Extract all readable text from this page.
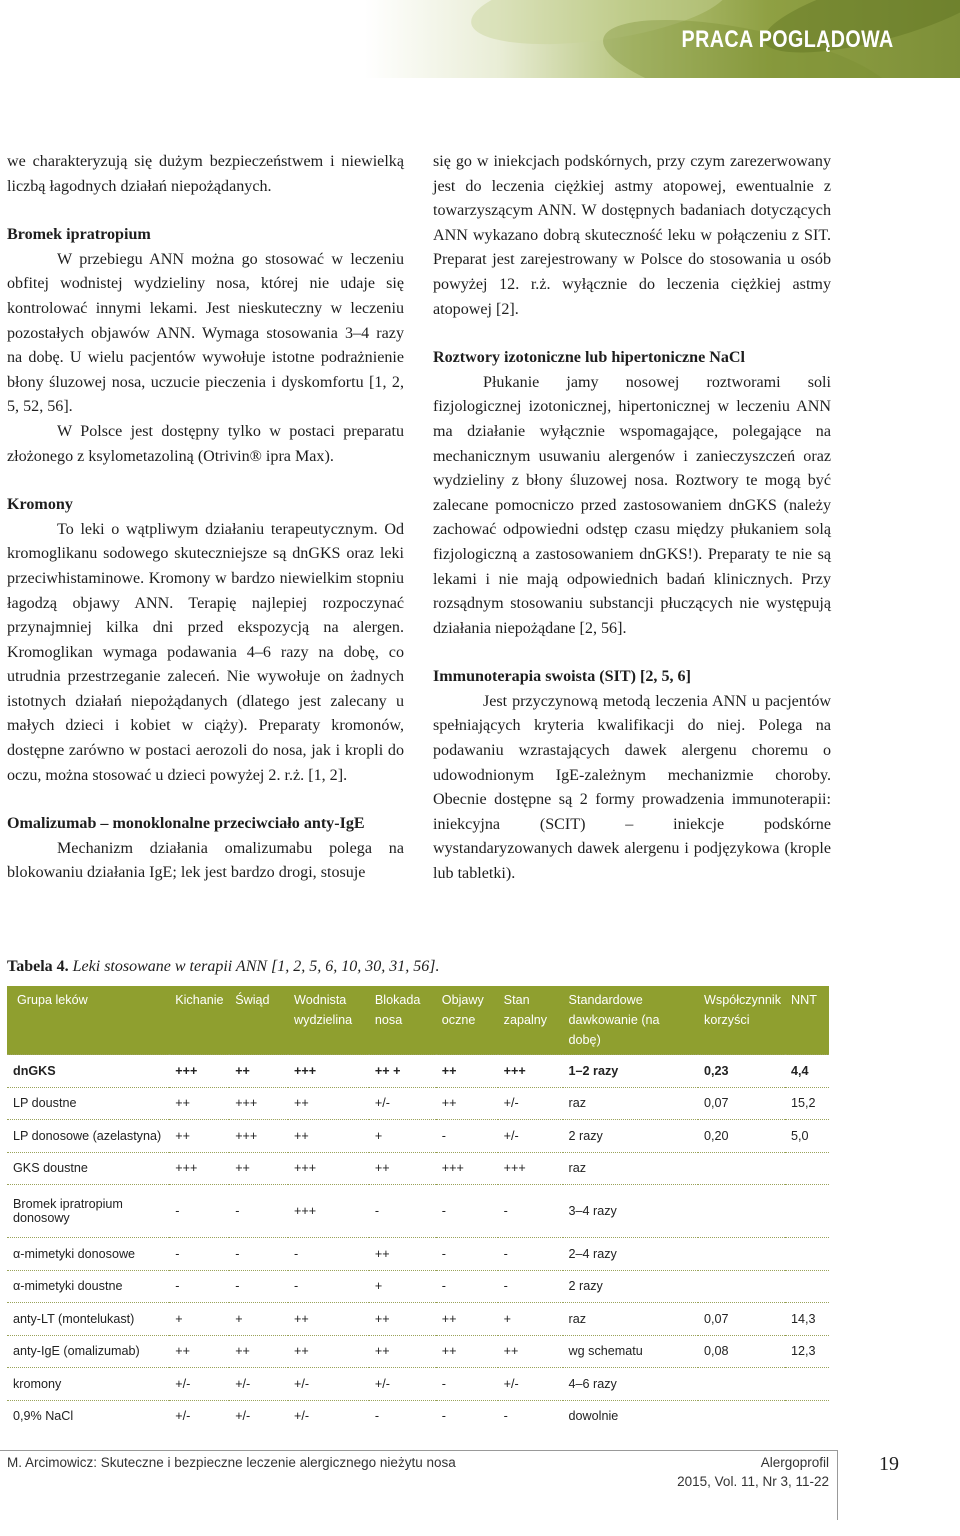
PRACA POGLĄDOWA

we charakteryzują się dużym bezpieczeństwem i niewielką liczbą łagodnych działań niepożądanych.

Bromek ipratropium

W przebiegu ANN można go stosować w leczeniu obfitej wodnistej wydzieliny nosa, której nie udaje się kontrolować innymi lekami. Jest nieskuteczny w leczeniu pozostałych objawów ANN. Wymaga stosowania 3–4 razy na dobę. U wielu pacjentów wywołuje istotne podrażnienie błony śluzowej nosa, uczucie pieczenia i dyskomfortu [1, 2, 5, 52, 56].

W Polsce jest dostępny tylko w postaci preparatu złożonego z ksylometazoliną (Otrivin® ipra Max).

Kromony

To leki o wątpliwym działaniu terapeutycznym. Od kromoglikanu sodowego skuteczniejsze są dnGKS oraz leki przeciwhistaminowe. Kromony w bardzo niewielkim stopniu łagodzą objawy ANN. Terapię najlepiej rozpoczynać przynajmniej kilka dni przed ekspozycją na alergen. Kromoglikan wymaga podawania 4–6 razy na dobę, co utrudnia przestrzeganie zaleceń. Nie wywołuje on żadnych istotnych działań niepożądanych (dlatego jest zalecany u małych dzieci i kobiet w ciąży). Preparaty kromonów, dostępne zarówno w postaci aerozoli do nosa, jak i kropli do oczu, można stosować u dzieci powyżej 2. r.ż. [1, 2].

Omalizumab – monoklonalne przeciwciało anty-IgE

Mechanizm działania omalizumabu polega na blokowaniu działania IgE; lek jest bardzo drogi, stosuje

się go w iniekcjach podskórnych, przy czym zarezerwowany jest do leczenia ciężkiej astmy atopowej, ewentualnie z towarzyszącym ANN. W dostępnych badaniach dotyczących ANN wykazano dobrą skuteczność leku w połączeniu z SIT. Preparat jest zarejestrowany w Polsce do stosowania u osób powyżej 12. r.ż. wyłącznie do leczenia ciężkiej astmy atopowej [2].

Roztwory izotoniczne lub hipertoniczne NaCl

Płukanie jamy nosowej roztworami soli fizjologicznej izotonicznej, hipertonicznej w leczeniu ANN ma działanie wyłącznie wspomagające, polegające na mechanicznym usuwaniu alergenów i zanieczyszczeń oraz wydzieliny z błony śluzowej nosa. Roztwory te mogą być zalecane pomocniczo przed zastosowaniem dnGKS (należy zachować odpowiedni odstęp czasu między płukaniem solą fizjologiczną a zastosowaniem dnGKS!). Preparaty te nie są lekami i nie mają odpowiednich badań klinicznych. Przy rozsądnym stosowaniu substancji płuczących nie występują działania niepożądane [2, 56].

Immunoterapia swoista (SIT) [2, 5, 6]

Jest przyczynową metodą leczenia ANN u pacjentów spełniających kryteria kwalifikacji do niej. Polega na podawaniu wzrastających dawek alergenu choremu o udowodnionym IgE-zależnym mechanizmie choroby. Obecnie dostępne są 2 formy prowadzenia immunoterapii: iniekcyjna (SCIT) – iniekcje podskórne wystandaryzowanych dawek alergenu i podjęzykowa (krople lub tabletki).

Tabela 4. Leki stosowane w terapii ANN [1, 2, 5, 6, 10, 30, 31, 56].
Grupa leków	Kichanie	Świąd	Wodnista wydzielina	Blokada nosa	Objawy oczne	Stan zapalny	Standardowe dawkowanie (na dobę)	Współczynnik korzyści	NNT
dnGKS	+++	++	+++	++ +	++	+++	1–2 razy	0,23	4,4
LP doustne	++	+++	++	+/-	++	+/-	raz	0,07	15,2
LP donosowe (azelastyna)	++	+++	++	+	-	+/-	2 razy	0,20	5,0
GKS doustne	+++	++	+++	++	+++	+++	raz		
Bromek ipratropium donosowy	-	-	+++	-	-	-	3–4 razy		
α-mimetyki donosowe	-	-	-	++	-	-	2–4 razy		
α-mimetyki doustne	-	-	-	+	-	-	2 razy		
anty-LT (montelukast)	+	+	++	++	++	+	raz	0,07	14,3
anty-IgE (omalizumab)	++	++	++	++	++	++	wg schematu	0,08	12,3
kromony	+/-	+/-	+/-	+/-	-	+/-	4–6 razy		
0,9% NaCl	+/-	+/-	+/-	-	-	-	dowolnie		
M. Arcimowicz: Skuteczne i bezpieczne leczenie alergicznego nieżytu nosa	Alergoprofil
2015, Vol. 11, Nr 3, 11-22
19
